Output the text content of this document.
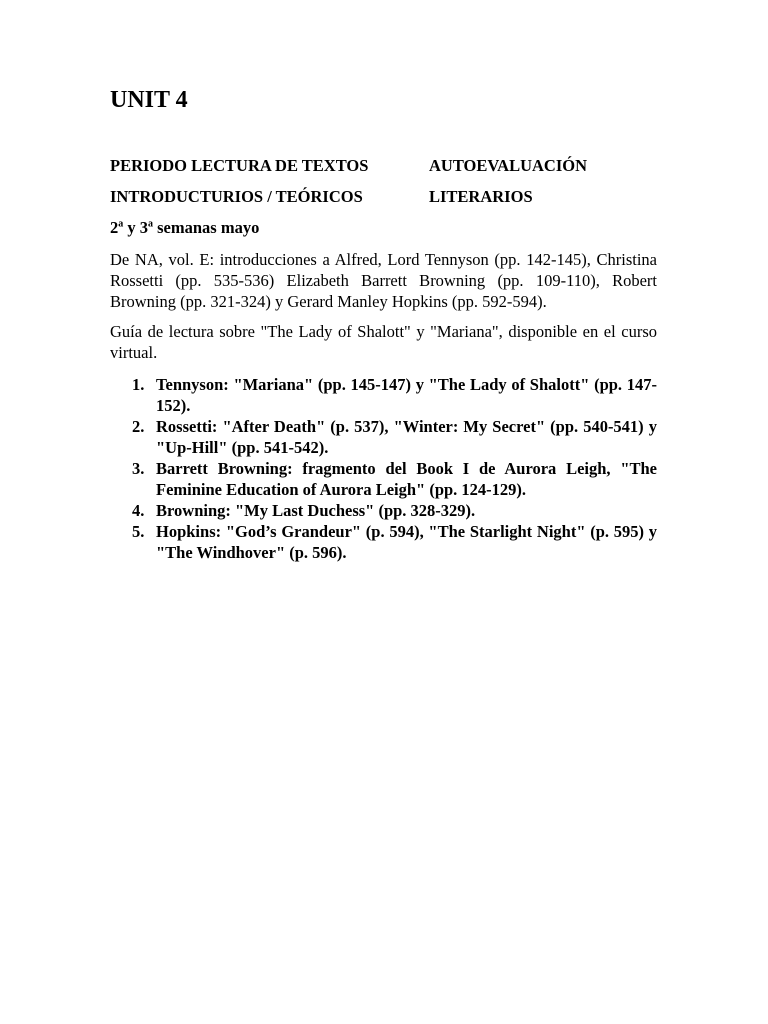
UNIT 4
PERIODO LECTURA DE TEXTOS	AUTOEVALUACIÓN
INTRODUCTURIOS / TEÓRICOS	LITERARIOS
2$^a$ y 3$^a$ semanas mayo

De NA, vol. E: introducciones a Alfred, Lord Tennyson (pp. 142-145), Christina Rossetti (pp. 535-536) Elizabeth Barrett Browning (pp. 109-110), Robert Browning (pp. 321-324) y Gerard Manley Hopkins (pp. 592-594).

Guía de lectura sobre "The Lady of Shalott" y "Mariana", disponible en el curso virtual.

1. Tennyson: "Mariana" (pp. 145-147) y "The Lady of Shalott" (pp. 147-152).
2. Rossetti: "After Death" (p. 537), "Winter: My Secret" (pp. 540-541) y "Up-Hill" (pp. 541-542).
3. Barrett Browning: fragmento del Book I de Aurora Leigh, "The Feminine Education of Aurora Leigh" (pp. 124-129).
4. Browning: "My Last Duchess" (pp. 328-329).
5. Hopkins: "God’s Grandeur" (p. 594), "The Starlight Night" (p. 595) y "The Windhover" (p. 596).
